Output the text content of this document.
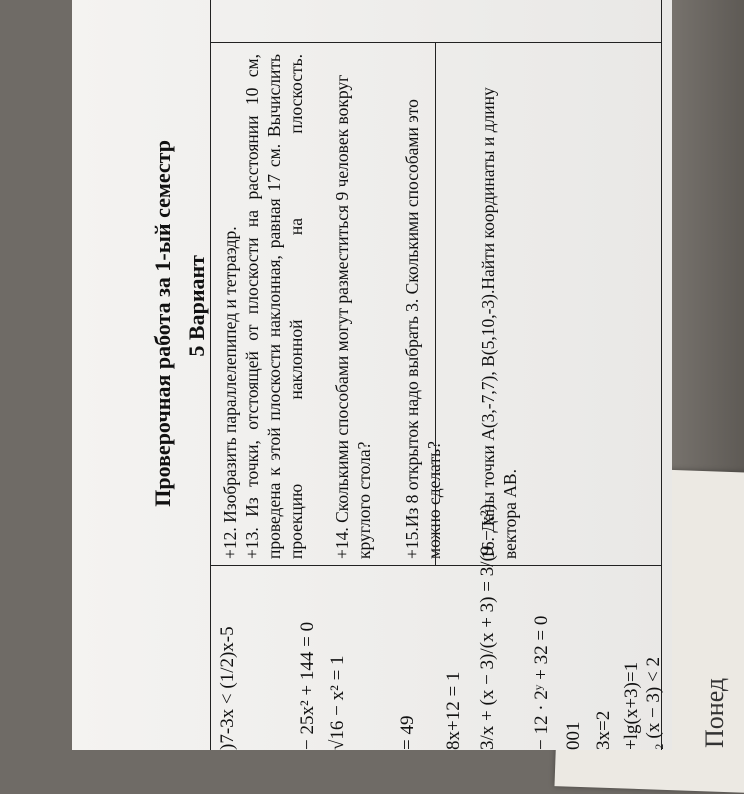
Понед
Проверочная работа за 1-ый семестр 5 Вариант
)7-3x < (1/2)x-5	− 25x² + 144 = 0 √16 − x² = 1	= 49 8x+12 = 1 3/x + (x − 3)/(x + 3) = 3/(9 − x²) − 12 · 2ʸ + 32 = 0 001 3x=2 +lg(x+3)=1 ₂ (x − 3) < 2
+12. Изобразить параллелепипед и тетраэдр. +13. Из точки, отстоящей от плоскости на расстоянии 10 см, проведена к этой плоскости наклонная, равная 17 см. Вычислить проекцию наклонной на плоскость. +14. Сколькими способами могут разместиться 9 человек вокруг круглого стола? +15.Из 8 открыток надо выбрать 3. Сколькими способами это можно сделать? 16. Даны точки А(3,-7,7), В(5,10,-3).Найти координаты и длину вектора АВ.
